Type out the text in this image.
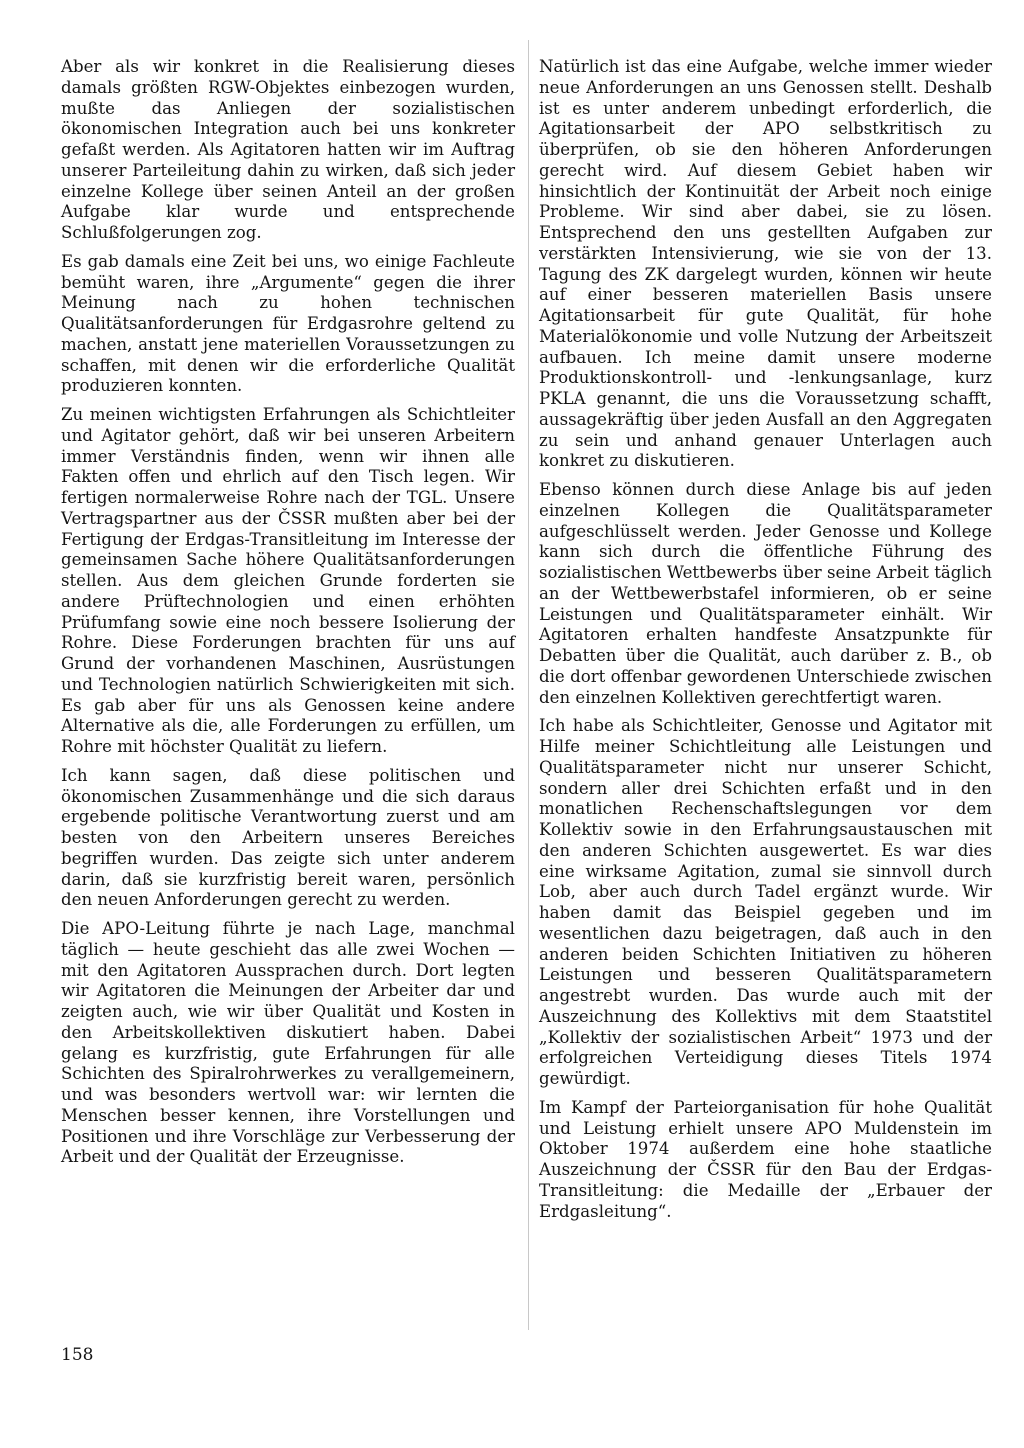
Aber als wir konkret in die Realisierung dieses damals größten RGW-Objektes einbezogen wurden, mußte das Anliegen der sozialistischen ökonomischen Integration auch bei uns konkreter gefaßt werden. Als Agitatoren hatten wir im Auftrag unserer Parteileitung dahin zu wirken, daß sich jeder einzelne Kollege über seinen Anteil an der großen Aufgabe klar wurde und entsprechende Schlußfolgerungen zog.

Es gab damals eine Zeit bei uns, wo einige Fachleute bemüht waren, ihre „Argumente“ gegen die ihrer Meinung nach zu hohen technischen Qualitätsanforderungen für Erdgasrohre geltend zu machen, anstatt jene materiellen Voraussetzungen zu schaffen, mit denen wir die erforderliche Qualität produzieren konnten.

Zu meinen wichtigsten Erfahrungen als Schichtleiter und Agitator gehört, daß wir bei unseren Arbeitern immer Verständnis finden, wenn wir ihnen alle Fakten offen und ehrlich auf den Tisch legen. Wir fertigen normalerweise Rohre nach der TGL. Unsere Vertragspartner aus der ČSSR mußten aber bei der Fertigung der Erdgas-Transitleitung im Interesse der gemeinsamen Sache höhere Qualitätsanforderungen stellen. Aus dem gleichen Grunde forderten sie andere Prüftechnologien und einen erhöhten Prüfumfang sowie eine noch bessere Isolierung der Rohre. Diese Forderungen brachten für uns auf Grund der vorhandenen Maschinen, Ausrüstungen und Technologien natürlich Schwierigkeiten mit sich. Es gab aber für uns als Genossen keine andere Alternative als die, alle Forderungen zu erfüllen, um Rohre mit höchster Qualität zu liefern.

Ich kann sagen, daß diese politischen und ökonomischen Zusammenhänge und die sich daraus ergebende politische Verantwortung zuerst und am besten von den Arbeitern unseres Bereiches begriffen wurden. Das zeigte sich unter anderem darin, daß sie kurzfristig bereit waren, persönlich den neuen Anforderungen gerecht zu werden.

Die APO-Leitung führte je nach Lage, manchmal täglich — heute geschieht das alle zwei Wochen — mit den Agitatoren Aussprachen durch. Dort legten wir Agitatoren die Meinungen der Arbeiter dar und zeigten auch, wie wir über Qualität und Kosten in den Arbeitskollektiven diskutiert haben. Dabei gelang es kurzfristig, gute Erfahrungen für alle Schichten des Spiralrohrwerkes zu verallgemeinern, und was besonders wertvoll war: wir lernten die Menschen besser kennen, ihre Vorstellungen und Positionen und ihre Vorschläge zur Verbesserung der Arbeit und der Qualität der Erzeugnisse.

Natürlich ist das eine Aufgabe, welche immer wieder neue Anforderungen an uns Genossen stellt. Deshalb ist es unter anderem unbedingt erforderlich, die Agitationsarbeit der APO selbstkritisch zu überprüfen, ob sie den höheren Anforderungen gerecht wird. Auf diesem Gebiet haben wir hinsichtlich der Kontinuität der Arbeit noch einige Probleme. Wir sind aber dabei, sie zu lösen. Entsprechend den uns gestellten Aufgaben zur verstärkten Intensivierung, wie sie von der 13. Tagung des ZK dargelegt wurden, können wir heute auf einer besseren materiellen Basis unsere Agitationsarbeit für gute Qualität, für hohe Materialökonomie und volle Nutzung der Arbeitszeit aufbauen. Ich meine damit unsere moderne Produktionskontroll- und -lenkungsanlage, kurz PKLA genannt, die uns die Voraussetzung schafft, aussagekräftig über jeden Ausfall an den Aggregaten zu sein und anhand genauer Unterlagen auch konkret zu diskutieren.

Ebenso können durch diese Anlage bis auf jeden einzelnen Kollegen die Qualitätsparameter aufgeschlüsselt werden. Jeder Genosse und Kollege kann sich durch die öffentliche Führung des sozialistischen Wettbewerbs über seine Arbeit täglich an der Wettbewerbstafel informieren, ob er seine Leistungen und Qualitätsparameter einhält. Wir Agitatoren erhalten handfeste Ansatzpunkte für Debatten über die Qualität, auch darüber z. B., ob die dort offenbar gewordenen Unterschiede zwischen den einzelnen Kollektiven gerechtfertigt waren.

Ich habe als Schichtleiter, Genosse und Agitator mit Hilfe meiner Schichtleitung alle Leistungen und Qualitätsparameter nicht nur unserer Schicht, sondern aller drei Schichten erfaßt und in den monatlichen Rechenschaftslegungen vor dem Kollektiv sowie in den Erfahrungsaustauschen mit den anderen Schichten ausgewertet. Es war dies eine wirksame Agitation, zumal sie sinnvoll durch Lob, aber auch durch Tadel ergänzt wurde. Wir haben damit das Beispiel gegeben und im wesentlichen dazu beigetragen, daß auch in den anderen beiden Schichten Initiativen zu höheren Leistungen und besseren Qualitätsparametern angestrebt wurden. Das wurde auch mit der Auszeichnung des Kollektivs mit dem Staatstitel „Kollektiv der sozialistischen Arbeit“ 1973 und der erfolgreichen Verteidigung dieses Titels 1974 gewürdigt.

Im Kampf der Parteiorganisation für hohe Qualität und Leistung erhielt unsere APO Muldenstein im Oktober 1974 außerdem eine hohe staatliche Auszeichnung der ČSSR für den Bau der Erdgas-Transitleitung: die Medaille der „Erbauer der Erdgasleitung“.

158
